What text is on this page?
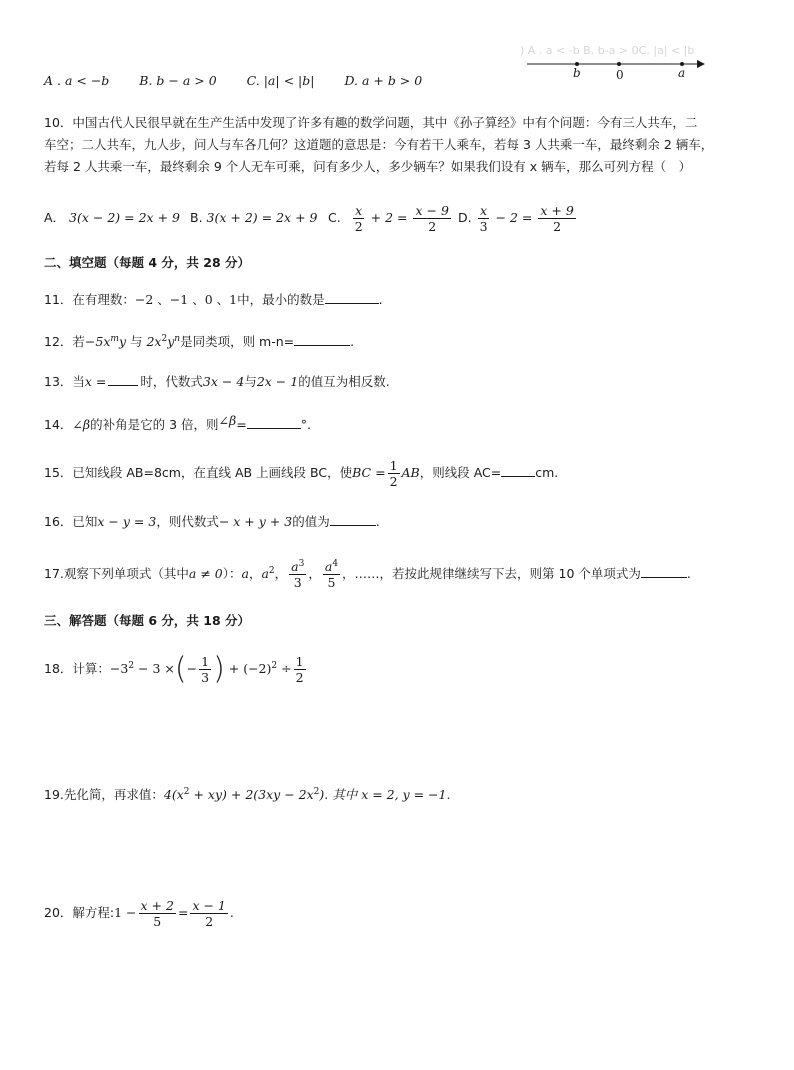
A . a < −b B. b − a > 0 C. |a| < |b| D. a + b > 0
) A . a < -b B. b-a > 0C. |a| < |b
b	0	a
10．中国古代人民很早就在生产生活中发现了许多有趣的数学问题，其中《孙子算经》中有个问题：今有三人共车，二
车空；二人共车，九人步，问人与车各几何？这道题的意思是：今有若干人乘车，若每 3 人共乘一车，最终剩余 2 辆车，
若每 2 人共乘一车，最终剩余 9 个人无车可乘，问有多少人，多少辆车？如果我们设有 x 辆车，那么可列方程（　）
A． 3(x − 2) = 2x + 9 B. 3(x + 2) = 2x + 9 C. $\frac{x}{2} + 2 = \frac{x - 9}{2} D$. $\frac{x}{3} - 2 = \frac{x + 9}{2}$
二、填空题（每题 4 分，共 28 分）
11．在有理数：−2 、−1 、0 、1中，最小的数是	.
12．若$-5x^my$ 与 $2x^2y^n$是同类项，则 m-n=	.
13．当x =	时，代数式3x − 4与2x − 1的值互为相反数.
14．∠β的补角是它的 3 倍，则∠β=	°.
15．已知线段 AB=8cm，在直线 AB 上画线段 BC，使BC = $\frac{1}{2}$ AB，则线段 AC=	cm.
16．已知x − y = 3，则代数式− x + y + 3的值为	.
17.观察下列单项式（其中a ≠ 0）：a，$a^2$， $\frac{a^3}{3}$ ， $\frac{a^4}{5}$ ，……，若按此规律继续写下去，则第 10 个单项式为	.
三、解答题（每题 6 分，共 18 分）
18．计算：$-3^2 - 3$ ×(− $\frac{1}{3}$ ) + $(-2)^2 \div \frac{1}{2}$
19.先化简，再求值：$4(x^2 + xy) + 2(3xy - 2x^2)$. 其中 x = 2, y = −1.
20．解方程:1 − $\frac{x + 2}{5} = \frac{x - 1}{2}$ .
